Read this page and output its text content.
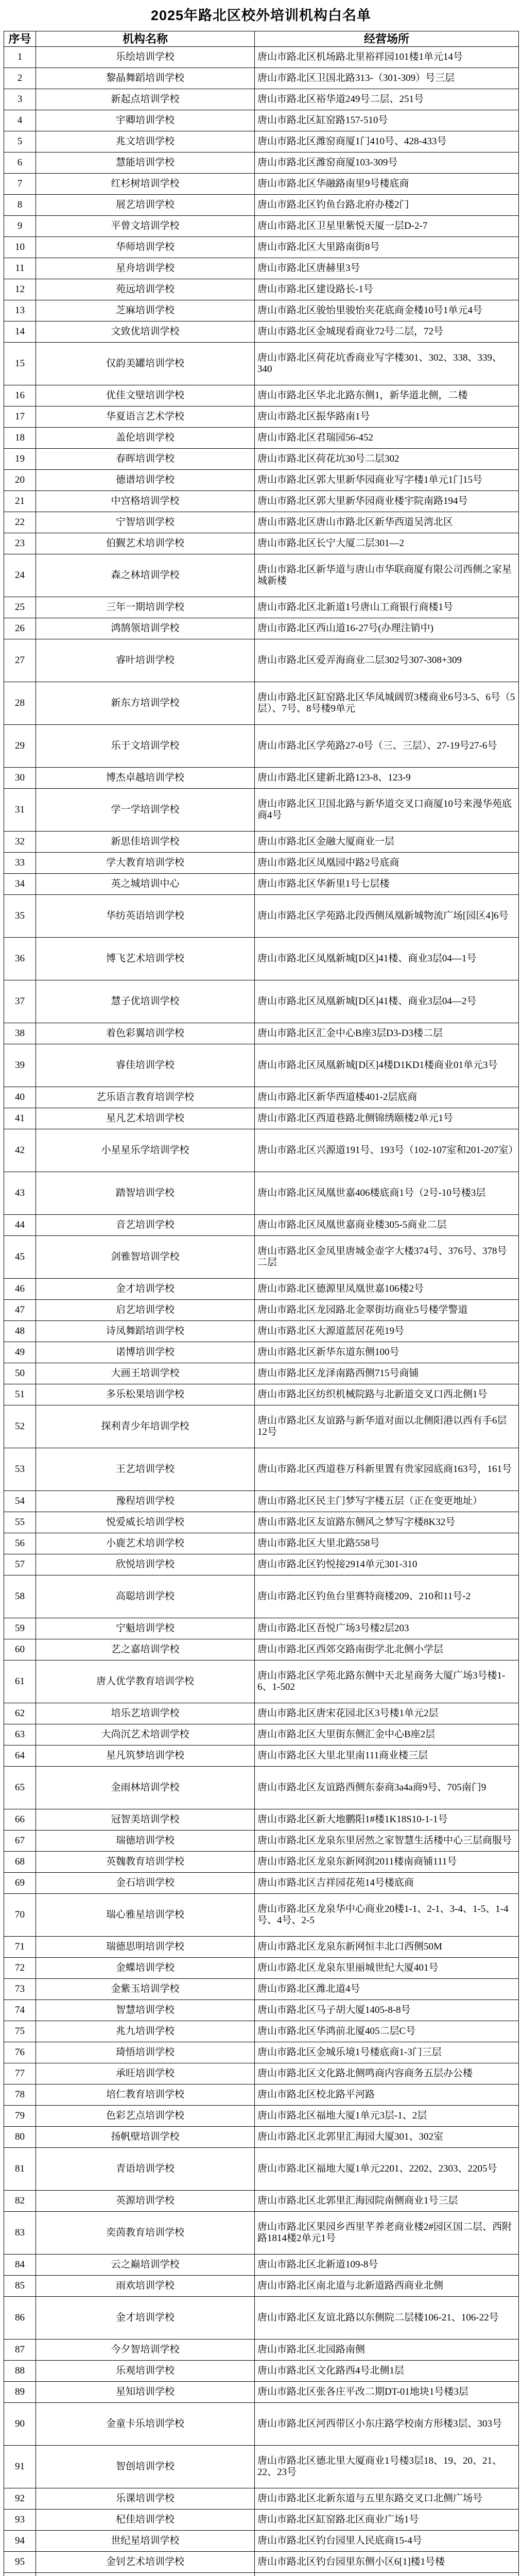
2025年路北区校外培训机构白名单
序号	机构名称	经营场所
1	乐绘培训学校	唐山市路北区机场路北里裕祥园101楼1单元14号
2	黎晶舞蹈培训学校	唐山市路北区卫国北路313-（301-309）号三层
3	新起点培训学校	唐山市路北区裕华道249号二层、251号
4	宇卿培训学校	唐山市路北区缸窑路157-510号
5	兆文培训学校	唐山市路北区潍窑商厦1门410号、428-433号
6	慧能培训学校	唐山市路北区潍窑商厦103-309号
7	红杉树培训学校	唐山市路北区华融路南里9号楼底商
8	展艺培训学校	唐山市路北区钓鱼台路北府办楼2门
9	平曾文培训学校	唐山市路北区卫星里紫悦天厦一层D-2-7
10	华师培训学校	唐山市路北区大里路南街8号
11	星舟培训学校	唐山市路北区唐赫里3号
12	苑远培训学校	唐山市路北区建设路长-1号
13	芝麻培训学校	唐山市路北区骏怡里骏怡夹花底商金楼10号1单元4号
14	文致优培训学校	唐山市路北区金城现看商业72号二层，72号
15	仅韵美罐培训学校	唐山市路北区荷花坑香商业写字楼301、302、338、339、340
16	优佳文壁培训学校	唐山市路北区华北北路东侧1，新华道北侧，二楼
17	华夏语言艺术学校	唐山市路北区振华路南1号
18	盖伦培训学校	唐山市路北区君瑞园56-452
19	春晖培训学校	唐山市路北区荷花坑30号二层302
20	德谱培训学校	唐山市路北区郭大里新华园商业写字楼1单元1门15号
21	中宫格培训学校	唐山市路北区郭大里新华园商业楼宇院南路194号
22	宁智培训学校	唐山市路北区唐山市路北区新华西道吴湾北区
23	伯觐艺术培训学校	唐山市路北区长宁大厦二层301—2
24	森之林培训学校	唐山市路北区新华道与唐山市华联商厦有限公司西侧之家星城新楼
25	三年一期培训学校	唐山市路北区北新道1号唐山工商银行商楼1号
26	鸿鹄领培训学校	唐山市路北区西山道16-27号(办理注销中)
27	睿叶培训学校	唐山市路北区爱弄海商业二层302号307-308+309
28	新东方培训学校	唐山市路北区缸窑路北区华凤城阔贸3楼商业6号3-5、6号（5层）、7号、8号楼9单元
29	乐于文培训学校	唐山市路北区学苑路27-0号（三、三层）、27-19号27-6号
30	博杰卓越培训学校	唐山市路北区建新北路123-8、123-9
31	学一学培训学校	唐山市路北区卫国北路与新华道交叉口商厦10号来漫华苑底商4号
32	新思佳培训学校	唐山市路北区金融大厦商业一层
33	学大教育培训学校	唐山市路北区凤凰园中路2号底商
34	英之城培训中心	唐山市路北区华新里1号七层楼
35	华纺英语培训学校	唐山市路北区学苑路北段西侧凤凰新城物流广场[园区4]6号
36	博飞艺术培训学校	唐山市路北区凤凰新城[D区]41楼、商业3层04—1号
37	慧子优培训学校	唐山市路北区凤凰新城[D区]41楼、商业3层04—2号
38	着色彩翼培训学校	唐山市路北区汇金中心B座3层D3-D3楼二层
39	睿佳培训学校	唐山市路北区凤凰新城[D区]4楼D1KD1楼商业01单元3号
40	艺乐语言教育培训学校	唐山市路北区新华西道楼401-2层底商
41	星凡艺术培训学校	唐山市路北区西道巷路北侧锦绣颐楼2单元1号
42	小星星乐学培训学校	唐山市路北区兴源道191号、193号（102-107室和201-207室）
43	踏智培训学校	唐山市路北区凤凰世嘉406楼底商1号（2号-10号楼3层
44	音艺培训学校	唐山市路北区凤凰世嘉商业楼305-5商业二层
45	剑雅智培训学校	唐山市路北区金凤里唐城金壶字大楼374号、376号、378号二层
46	金才培训学校	唐山市路北区德源里凤凰世嘉106楼2号
47	启艺培训学校	唐山市路北区龙园路北金翠街坊商业5号楼学警道
48	诗凤舞蹈培训学校	唐山市路北区大源道蓝居花苑19号
49	诺博培训学校	唐山市路北区新华东道东侧100号
50	大画王培训学校	唐山市路北区龙泽南路西侧715号商铺
51	多乐松果培训学校	唐山市路北区纺织机械院路与北新道交叉口西北侧1号
52	探利青少年培训学校	唐山市路北区友谊路与新华道对面以北侧阳港以西有手6层12号
53	王艺培训学校	唐山市路北区西道巷万科新里置有贵家园底商163号，161号
54	豫程培训学校	唐山市路北区民主门梦写字楼五层（正在变更地址）
55	悦爱威长培训学校	唐山市路北区友谊路东侧风之梦写字楼8K32号
56	小鹿艺术培训学校	唐山市路北区大里北路558号
57	欣悦培训学校	唐山市路北区钓悦接2914单元301-310
58	高聪培训学校	唐山市路北区钓鱼台里赛特商楼209、210和11号-2
59	宁魁培训学校	唐山市路北区吾悦广场3号楼2层203
60	艺之嘉培训学校	唐山市路北区西郊交路南街学北北侧小学层
61	唐人优学教育培训学校	唐山市路北区学苑北路东侧中天北星商务大厦广场3号楼1-6、1-502
62	培乐艺培训学校	唐山市路北区唐宋花园北区3号楼1单元2层
63	大尚沉艺术培训学校	唐山市路北区大里街东侧汇金中心B座2层
64	星凡筑梦培训学校	唐山市路北区大里北里南111商业楼三层
65	金雨林培训学校	唐山市路北区友谊路西侧东泰商3a4a商9号、705南门9
66	冠智美培训学校	唐山市路北区新大地鹏阳1#楼1K18S10-1-1号
67	瑞德培训学校	唐山市路北区龙泉东里居然之家智慧生活楼中心三层商服号
68	英魏教育培训学校	唐山市路北区龙泉东新网润2011楼南商铺111号
69	金石培训学校	唐山市路北区吉祥园花苑14号楼底商
70	瑞心雅星培训学校	唐山市路北区龙泉华中心商业20楼1-1、2-1、3-4、1-5、1-4号、4号、2-5
71	瑞德思明培训学校	唐山市路北区龙泉东新网恒丰北口西侧50M
72	金蝶培训学校	唐山市路北区龙泉东里丽城世纪大厦401号
73	金紫玉培训学校	唐山市路北区潍北道4号
74	智慧培训学校	唐山市路北区马子胡大厦1405-8-8号
75	兆九培训学校	唐山市路北区华鸿前北厦405二层C号
76	琦悟培训学校	唐山市路北区金城乐境1号楼底商1-3门三层
77	承旺培训学校	唐山市路北区文化路北侧鸣商内容商务五层办公楼
78	培仁教育培训学校	唐山市路北区校北路平河路
79	色彩艺点培训学校	唐山市路北区福地大厦1单元3层-1、2层
80	扬帆壁培训学校	唐山市路北区北郭里汇海园大厦301、302室
81	青语培训学校	唐山市路北区福地大厦1单元2201、2202、2303、2205号
82	英源培训学校	唐山市路北区北郭里汇海园院南侧商业1号三层
83	奕茵教育培训学校	唐山市路北区果园乡西里芊养老商业楼2#园区国二层、西附路1814楼2单元1号
84	云之巅培训学校	唐山市路北区北新道109-8号
85	雨欢培训学校	唐山市路北区南北道与北新道路西商业北侧
86	金才培训学校	唐山市路北区友谊北路以东侧院二层楼106-21、106-22号
87	今夕智培训学校	唐山市路北区北园路南侧
88	乐观培训学校	唐山市路北区文化路西4号北侧1层
89	星知培训学校	唐山市路北区张各庄平改二期DT-01地块1号楼3层
90	金童卡乐培训学校	唐山市路北区河西带区小东庄路学校南方形楼3层、303号
91	智创培训学校	唐山市路北区德北里大厦商业1号楼3层18、19、20、21、22、23号
92	乐课培训学校	唐山市路北区北新东道与五里东路交叉口北侧广场号
93	杞佳培训学校	唐山市路北区缸窑路北区商业广场1号
94	世纪星培训学校	唐山市路北区钓台园里人民底商15-4号
95	金钊艺术培训学校	唐山市路北区钓台园里东侧小区6[1]楼1号楼
